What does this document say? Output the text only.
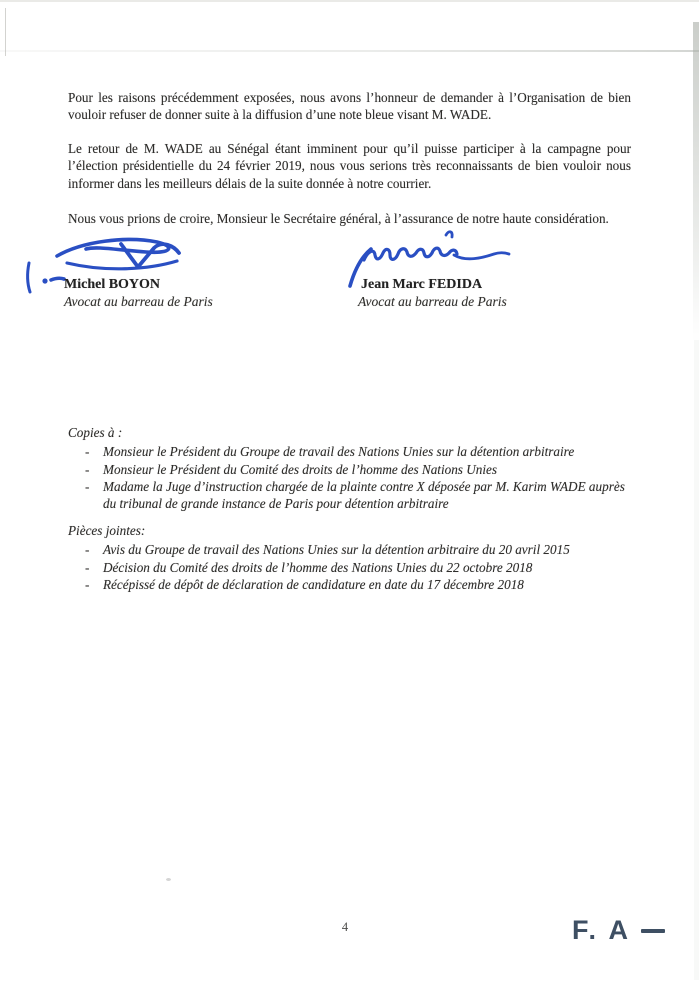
Pour les raisons précédemment exposées, nous avons l’honneur de demander à l’Organisation de bien vouloir refuser de donner suite à la diffusion d’une note bleue visant M. WADE.

Le retour de M. WADE au Sénégal étant imminent pour qu’il puisse participer à la campagne pour l’élection présidentielle du 24 février 2019, nous vous serions très reconnaissants de bien vouloir nous informer dans les meilleurs délais de la suite donnée à notre courrier.

Nous vous prions de croire, Monsieur le Secrétaire général, à l’assurance de notre haute considération.

Michel BOYON
Avocat au barreau de Paris
Jean Marc FEDIDA
Avocat au barreau de Paris

Copies à :

-	Monsieur le Président du Groupe de travail des Nations Unies sur la détention arbitraire
-	Monsieur le Président du Comité des droits de l’homme des Nations Unies
-	Madame la Juge d’instruction chargée de la plainte contre X déposée par M. Karim WADE auprès du tribunal de grande instance de Paris pour détention arbitraire

Pièces jointes:

-	Avis du Groupe de travail des Nations Unies sur la détention arbitraire du 20 avril 2015
-	Décision du Comité des droits de l’homme des Nations Unies du 22 octobre 2018
-	Récépissé de dépôt de déclaration de candidature en date du 17 décembre 2018
4	F. A
